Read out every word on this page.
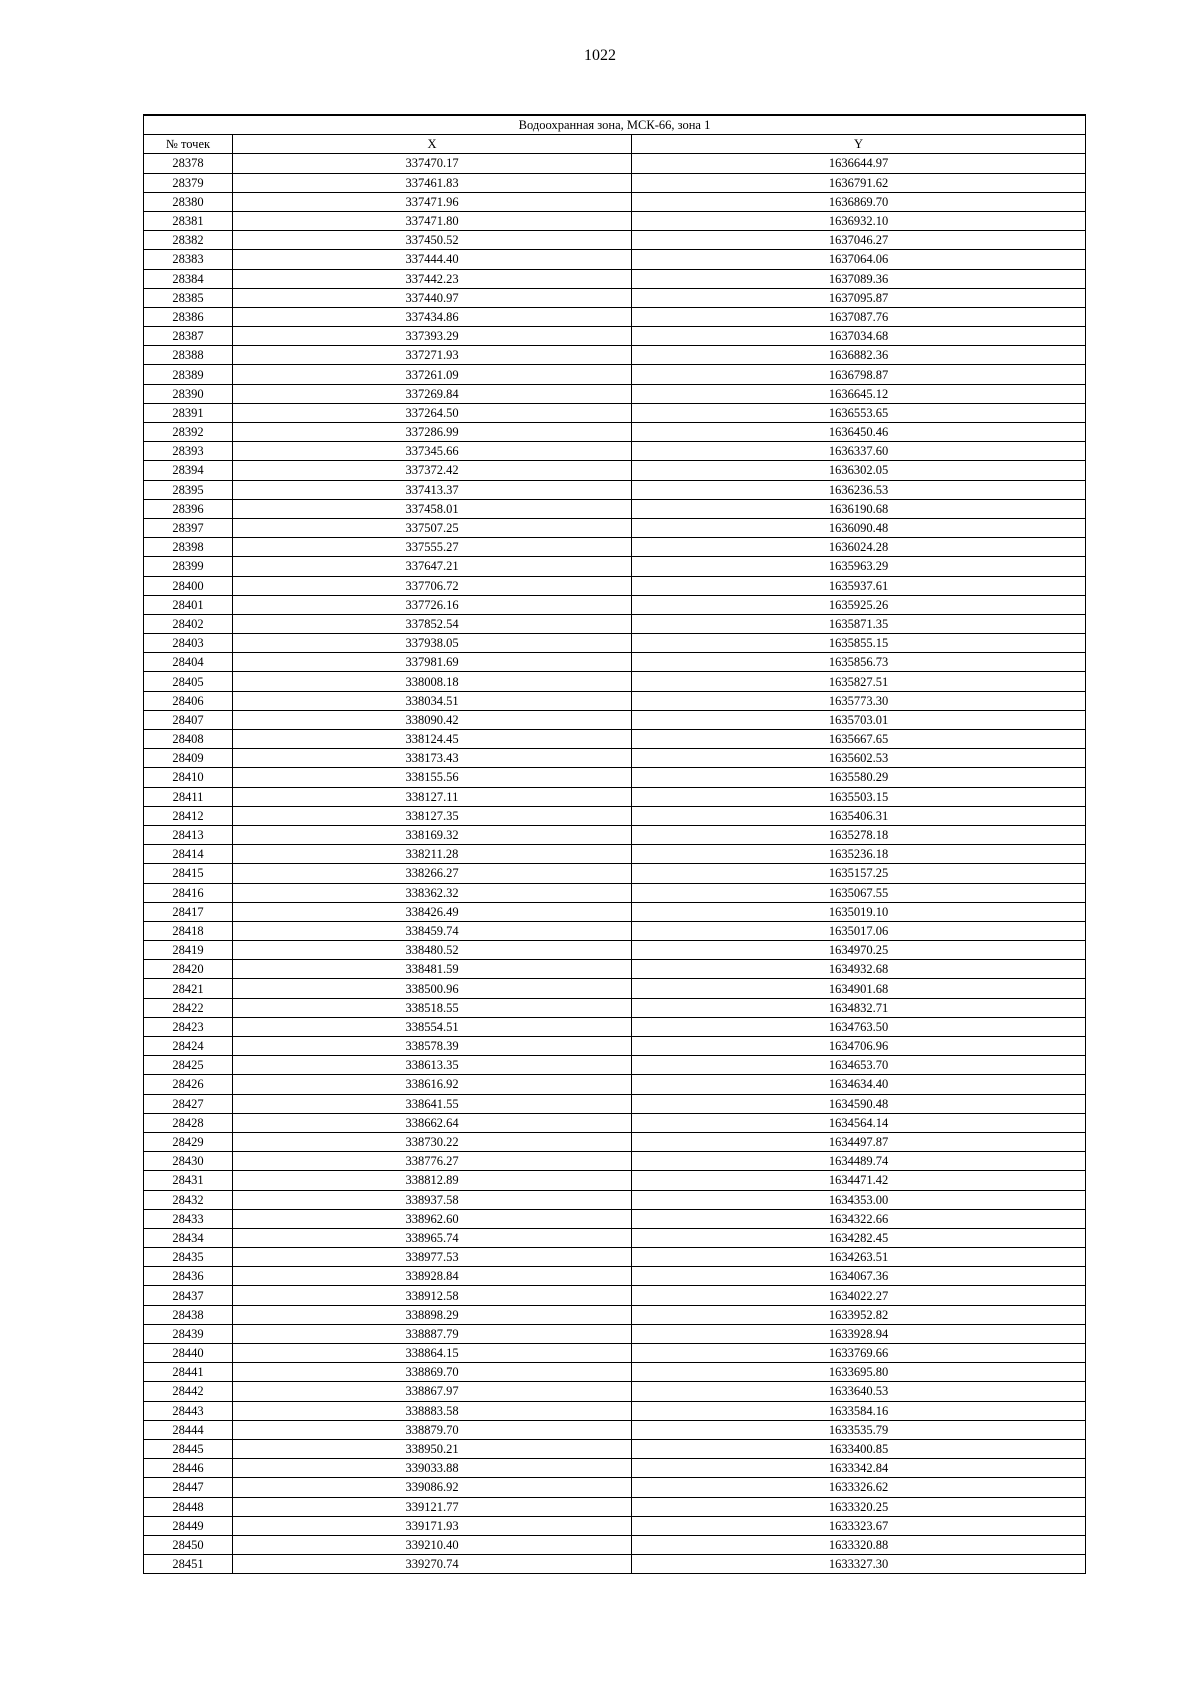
1022
Водоохранная зона, МСК-66, зона 1		
№ точек	X	Y
28378	337470.17	1636644.97
28379	337461.83	1636791.62
28380	337471.96	1636869.70
28381	337471.80	1636932.10
28382	337450.52	1637046.27
28383	337444.40	1637064.06
28384	337442.23	1637089.36
28385	337440.97	1637095.87
28386	337434.86	1637087.76
28387	337393.29	1637034.68
28388	337271.93	1636882.36
28389	337261.09	1636798.87
28390	337269.84	1636645.12
28391	337264.50	1636553.65
28392	337286.99	1636450.46
28393	337345.66	1636337.60
28394	337372.42	1636302.05
28395	337413.37	1636236.53
28396	337458.01	1636190.68
28397	337507.25	1636090.48
28398	337555.27	1636024.28
28399	337647.21	1635963.29
28400	337706.72	1635937.61
28401	337726.16	1635925.26
28402	337852.54	1635871.35
28403	337938.05	1635855.15
28404	337981.69	1635856.73
28405	338008.18	1635827.51
28406	338034.51	1635773.30
28407	338090.42	1635703.01
28408	338124.45	1635667.65
28409	338173.43	1635602.53
28410	338155.56	1635580.29
28411	338127.11	1635503.15
28412	338127.35	1635406.31
28413	338169.32	1635278.18
28414	338211.28	1635236.18
28415	338266.27	1635157.25
28416	338362.32	1635067.55
28417	338426.49	1635019.10
28418	338459.74	1635017.06
28419	338480.52	1634970.25
28420	338481.59	1634932.68
28421	338500.96	1634901.68
28422	338518.55	1634832.71
28423	338554.51	1634763.50
28424	338578.39	1634706.96
28425	338613.35	1634653.70
28426	338616.92	1634634.40
28427	338641.55	1634590.48
28428	338662.64	1634564.14
28429	338730.22	1634497.87
28430	338776.27	1634489.74
28431	338812.89	1634471.42
28432	338937.58	1634353.00
28433	338962.60	1634322.66
28434	338965.74	1634282.45
28435	338977.53	1634263.51
28436	338928.84	1634067.36
28437	338912.58	1634022.27
28438	338898.29	1633952.82
28439	338887.79	1633928.94
28440	338864.15	1633769.66
28441	338869.70	1633695.80
28442	338867.97	1633640.53
28443	338883.58	1633584.16
28444	338879.70	1633535.79
28445	338950.21	1633400.85
28446	339033.88	1633342.84
28447	339086.92	1633326.62
28448	339121.77	1633320.25
28449	339171.93	1633323.67
28450	339210.40	1633320.88
28451	339270.74	1633327.30
